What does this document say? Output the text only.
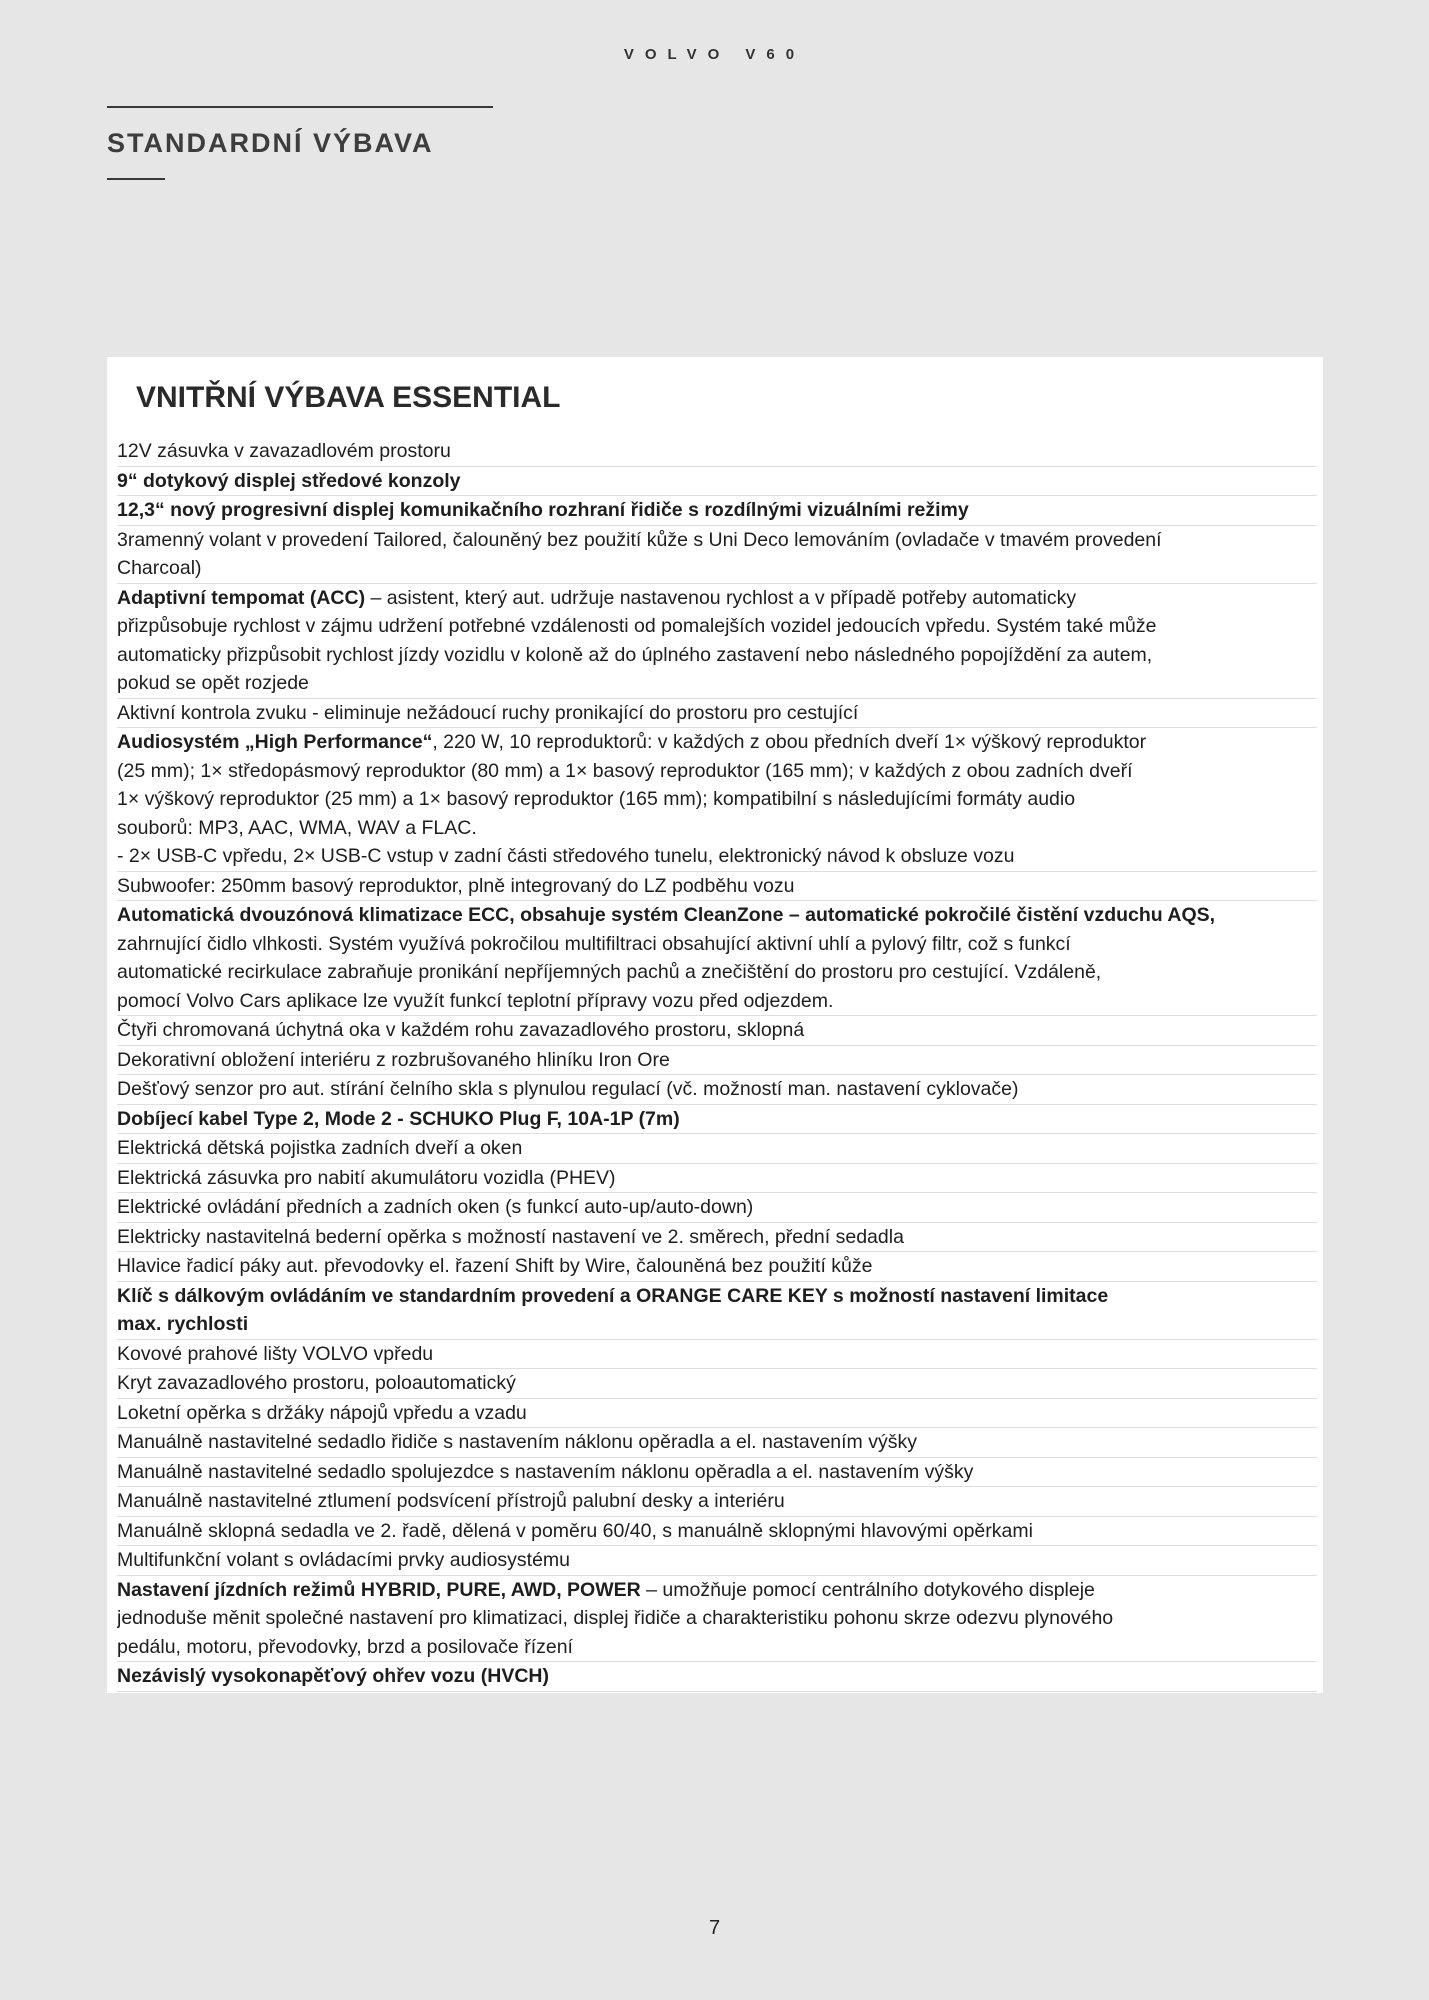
VOLVO V60
STANDARDNÍ VÝBAVA
VNITŘNÍ VÝBAVA ESSENTIAL
12V zásuvka v zavazadlovém prostoru
9“ dotykový displej středové konzoly
12,3“ nový progresivní displej komunikačního rozhraní řidiče s rozdílnými vizuálními režimy
3ramenný volant v provedení Tailored, čalouněný bez použití kůže s Uni Deco lemováním (ovladače v tmavém provedení
Charcoal)
Adaptivní tempomat (ACC) – asistent, který aut. udržuje nastavenou rychlost a v případě potřeby automaticky
přizpůsobuje rychlost v zájmu udržení potřebné vzdálenosti od pomalejších vozidel jedoucích vpředu. Systém také může
automaticky přizpůsobit rychlost jízdy vozidlu v koloně až do úplného zastavení nebo následného popojíždění za autem,
pokud se opět rozjede
Aktivní kontrola zvuku - eliminuje nežádoucí ruchy pronikající do prostoru pro cestující
Audiosystém „High Performance“, 220 W, 10 reproduktorů: v každých z obou předních dveří 1× výškový reproduktor
(25 mm); 1× středopásmový reproduktor (80 mm) a 1× basový reproduktor (165 mm); v každých z obou zadních dveří
1× výškový reproduktor (25 mm) a 1× basový reproduktor (165 mm); kompatibilní s následujícími formáty audio
souborů: MP3, AAC, WMA, WAV a FLAC.
- 2× USB-C vpředu, 2× USB-C vstup v zadní části středového tunelu, elektronický návod k obsluze vozu
Subwoofer: 250mm basový reproduktor, plně integrovaný do LZ podběhu vozu
Automatická dvouzónová klimatizace ECC, obsahuje systém CleanZone – automatické pokročilé čistění vzduchu AQS,
zahrnující čidlo vlhkosti. Systém využívá pokročilou multifiltraci obsahující aktivní uhlí a pylový filtr, což s funkcí
automatické recirkulace zabraňuje pronikání nepříjemných pachů a znečištění do prostoru pro cestující. Vzdáleně,
pomocí Volvo Cars aplikace lze využít funkcí teplotní přípravy vozu před odjezdem.
Čtyři chromovaná úchytná oka v každém rohu zavazadlového prostoru, sklopná
Dekorativní obložení interiéru z rozbrušovaného hliníku Iron Ore
Dešťový senzor pro aut. stírání čelního skla s plynulou regulací (vč. možností man. nastavení cyklovače)
Dobíjecí kabel Type 2, Mode 2 - SCHUKO Plug F, 10A-1P (7m)
Elektrická dětská pojistka zadních dveří a oken
Elektrická zásuvka pro nabití akumulátoru vozidla (PHEV)
Elektrické ovládání předních a zadních oken (s funkcí auto-up/auto-down)
Elektricky nastavitelná bederní opěrka s možností nastavení ve 2. směrech, přední sedadla
Hlavice řadicí páky aut. převodovky el. řazení Shift by Wire, čalouněná bez použití kůže
Klíč s dálkovým ovládáním ve standardním provedení a ORANGE CARE KEY s možností nastavení limitace
max. rychlosti
Kovové prahové lišty VOLVO vpředu
Kryt zavazadlového prostoru, poloautomatický
Loketní opěrka s držáky nápojů vpředu a vzadu
Manuálně nastavitelné sedadlo řidiče s nastavením náklonu opěradla a el. nastavením výšky
Manuálně nastavitelné sedadlo spolujezdce s nastavením náklonu opěradla a el. nastavením výšky
Manuálně nastavitelné ztlumení podsvícení přístrojů palubní desky a interiéru
Manuálně sklopná sedadla ve 2. řadě, dělená v poměru 60/40, s manuálně sklopnými hlavovými opěrkami
Multifunkční volant s ovládacími prvky audiosystému
Nastavení jízdních režimů HYBRID, PURE, AWD, POWER – umožňuje pomocí centrálního dotykového displeje
jednoduše měnit společné nastavení pro klimatizaci, displej řidiče a charakteristiku pohonu skrze odezvu plynového
pedálu, motoru, převodovky, brzd a posilovače řízení
Nezávislý vysokonapěťový ohřev vozu (HVCH)
7
